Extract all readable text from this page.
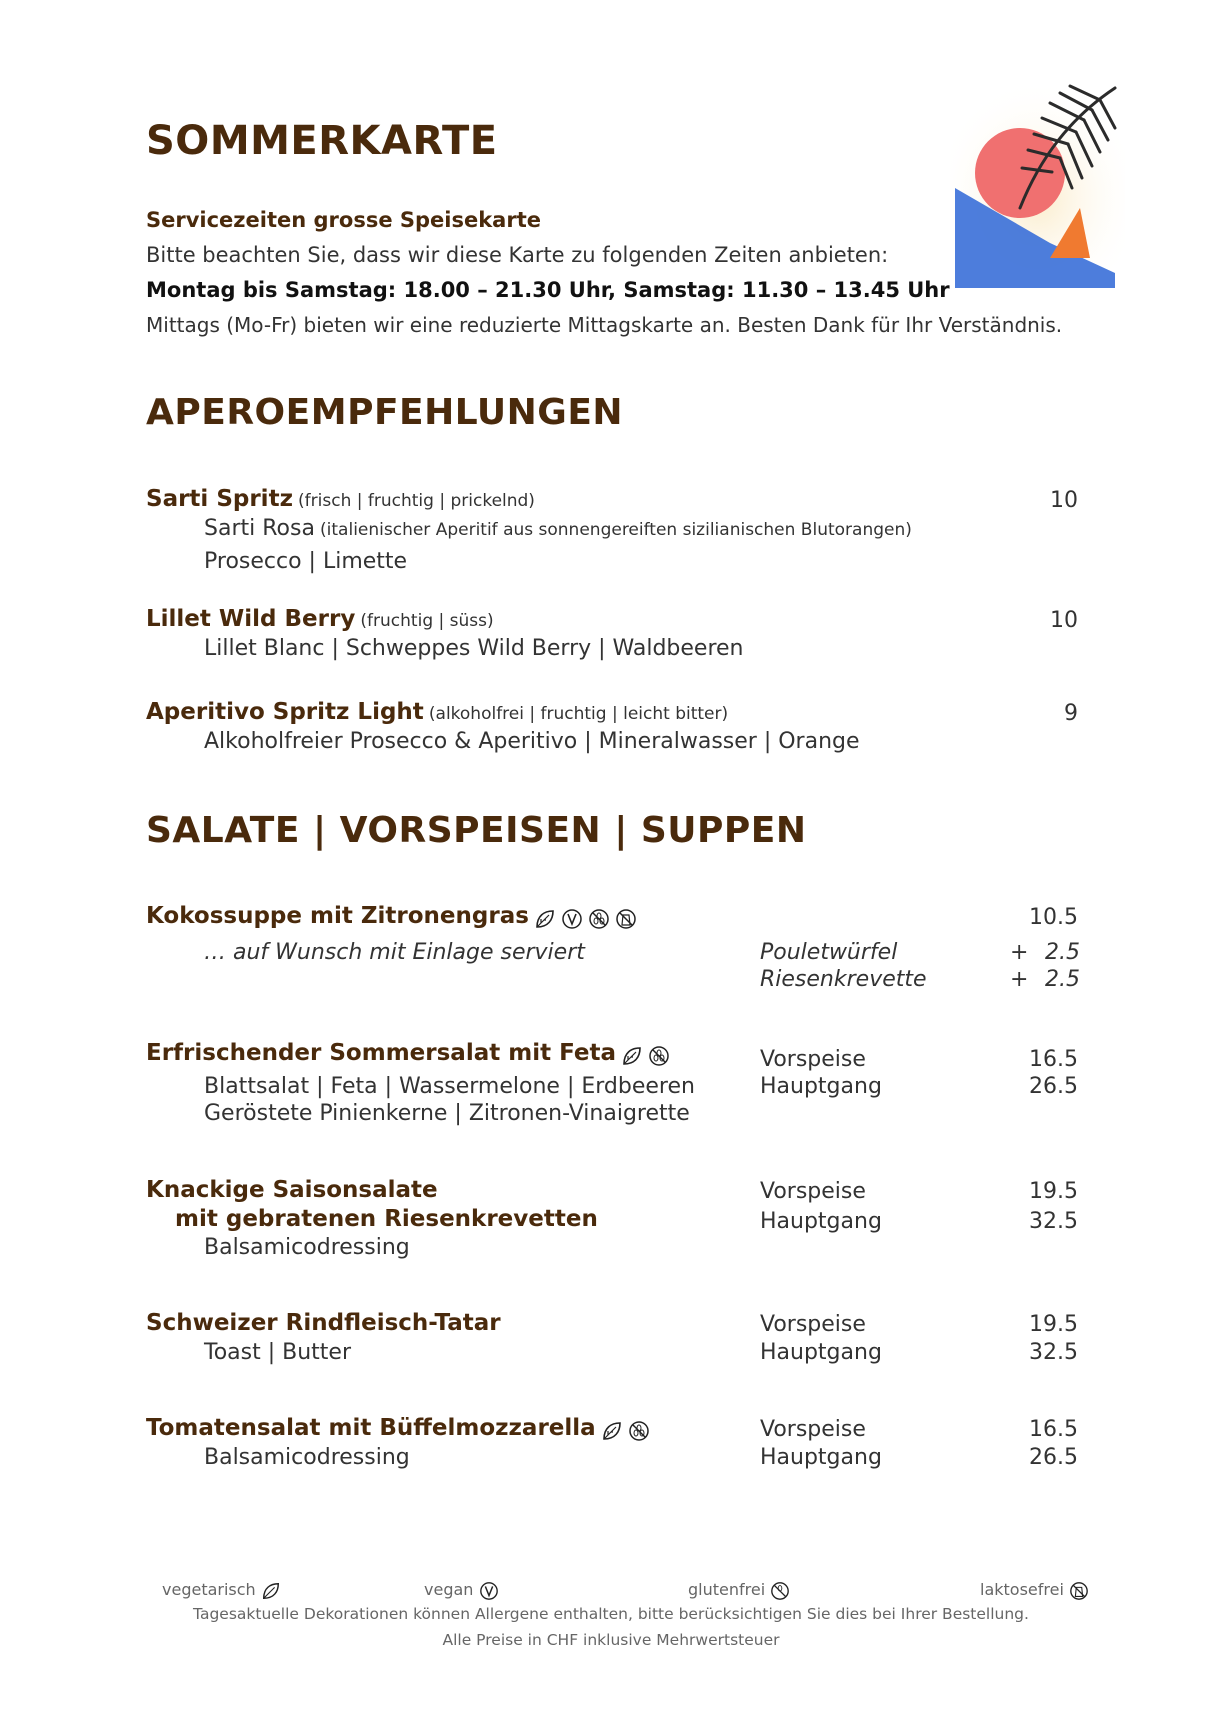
SOMMERKARTE
Servicezeiten grosse Speisekarte
Bitte beachten Sie, dass wir diese Karte zu folgenden Zeiten anbieten:
Montag bis Samstag: 18.00 – 21.30 Uhr, Samstag: 11.30 – 13.45 Uhr
Mittags (Mo-Fr) bieten wir eine reduzierte Mittagskarte an. Besten Dank für Ihr Verständnis.
APEROEMPFEHLUNGEN
Sarti Spritz (frisch | fruchtig | prickelnd)	10
Sarti Rosa (italienischer Aperitif aus sonnengereiften sizilianischen Blutorangen)
Prosecco | Limette
Lillet Wild Berry (fruchtig | süss)	10
Lillet Blanc | Schweppes Wild Berry | Waldbeeren
Aperitivo Spritz Light (alkoholfrei | fruchtig | leicht bitter)	9
Alkoholfreier Prosecco & Aperitivo | Mineralwasser | Orange
SALATE | VORSPEISEN | SUPPEN
Kokossuppe mit Zitronengras	10.5
… auf Wunsch mit Einlage serviert	Pouletwürfel	+ 2.5
Riesenkrevette	+ 2.5
Erfrischender Sommersalat mit Feta
Blattsalat | Feta | Wassermelone | Erdbeeren
Geröstete Pinienkerne | Zitronen-Vinaigrette
Vorspeise	16.5
Hauptgang	26.5
Knackige Saisonsalate
mit gebratenen Riesenkrevetten
Balsamicodressing
Vorspeise	19.5
Hauptgang	32.5
Schweizer Rindfleisch-Tatar
Toast | Butter
Vorspeise	19.5
Hauptgang	32.5
Tomatensalat mit Büffelmozzarella
Balsamicodressing
Vorspeise	16.5
Hauptgang	26.5
vegetarisch	vegan	glutenfrei	laktosefrei
Tagesaktuelle Dekorationen können Allergene enthalten, bitte berücksichtigen Sie dies bei Ihrer Bestellung.
Alle Preise in CHF inklusive Mehrwertsteuer
